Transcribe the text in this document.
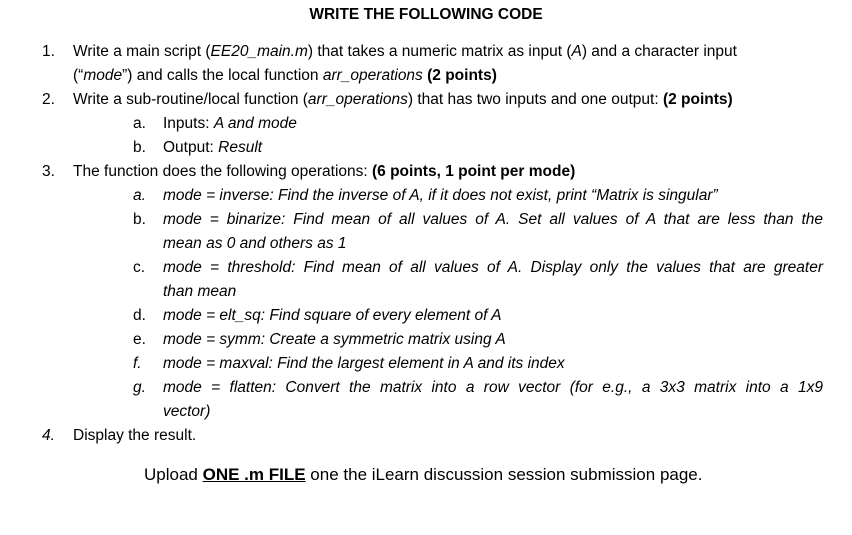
WRITE THE FOLLOWING CODE
1. Write a main script (EE20_main.m) that takes a numeric matrix as input (A) and a character input
(“mode”) and calls the local function arr_operations (2 points)
2. Write a sub-routine/local function (arr_operations) that has two inputs and one output: (2 points)
a. Inputs: A and mode
b. Output: Result
3. The function does the following operations: (6 points, 1 point per mode)
a. mode = inverse: Find the inverse of A, if it does not exist, print “Matrix is singular”
b. mode = binarize: Find mean of all values of A. Set all values of A that are less than the
mean as 0 and others as 1
c. mode = threshold: Find mean of all values of A. Display only the values that are greater
than mean
d. mode = elt_sq: Find square of every element of A
e. mode = symm: Create a symmetric matrix using A
f. mode = maxval: Find the largest element in A and its index
g. mode = flatten: Convert the matrix into a row vector (for e.g., a 3x3 matrix into a 1x9
vector)
4. Display the result.
Upload ONE .m FILE one the iLearn discussion session submission page.
